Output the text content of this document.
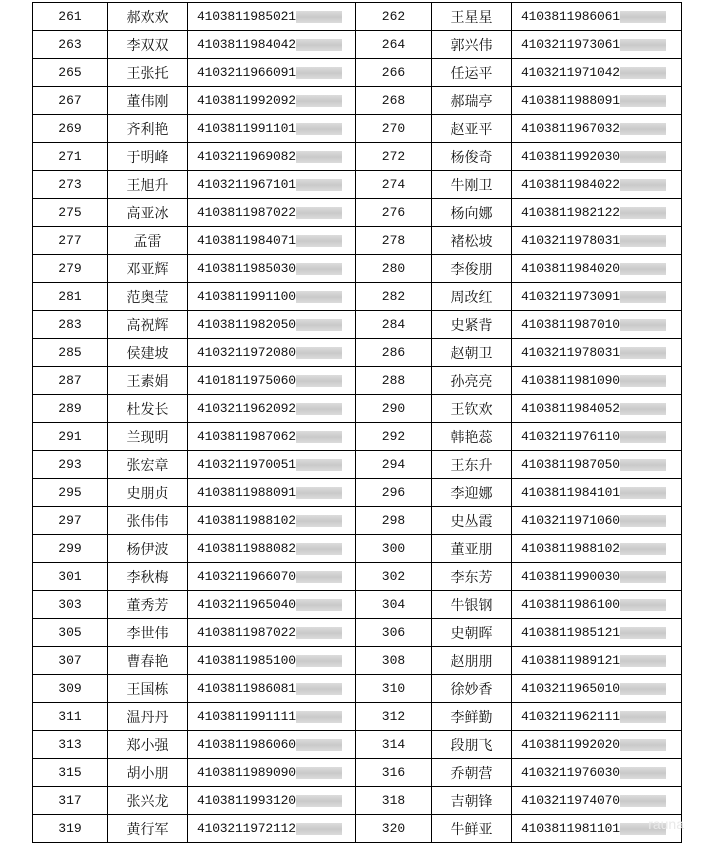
261	郝欢欢	4103811985021	262	王星星	4103811986061
263	李双双	4103811984042	264	郭兴伟	4103211973061
265	王张托	4103211966091	266	任运平	4103211971042
267	董伟刚	4103811992092	268	郝瑞亭	4103811988091
269	齐利艳	4103811991101	270	赵亚平	4103811967032
271	于明峰	4103211969082	272	杨俊奇	4103811992030
273	王旭升	4103211967101	274	牛刚卫	4103811984022
275	高亚冰	4103811987022	276	杨向娜	4103811982122
277	孟雷	4103811984071	278	褚松坡	4103211978031
279	邓亚辉	4103811985030	280	李俊朋	4103811984020
281	范奥莹	4103811991100	282	周改红	4103211973091
283	高祝辉	4103811982050	284	史紧背	4103811987010
285	侯建坡	4103211972080	286	赵朝卫	4103211978031
287	王素娟	4101811975060	288	孙亮亮	4103811981090
289	杜发长	4103211962092	290	王钦欢	4103811984052
291	兰现明	4103811987062	292	韩艳蕊	4103211976110
293	张宏章	4103211970051	294	王东升	4103811987050
295	史朋贞	4103811988091	296	李迎娜	4103811984101
297	张伟伟	4103811988102	298	史丛霞	4103211971060
299	杨伊波	4103811988082	300	董亚朋	4103811988102
301	李秋梅	4103211966070	302	李东芳	4103811990030
303	董秀芳	4103211965040	304	牛银钢	4103811986100
305	李世伟	4103811987022	306	史朝晖	4103811985121
307	曹春艳	4103811985100	308	赵朋朋	4103811989121
309	王国栋	4103811986081	310	徐妙香	4103211965010
311	温丹丹	4103811991111	312	李鲜勤	4103211962111
313	郑小强	4103811986060	314	段朋飞	4103811992020
315	胡小朋	4103811989090	316	乔朝营	4103211976030
317	张兴龙	4103811993120	318	吉朝锋	4103211974070
319	黄行军	4103211972112	320	牛鲜亚	4103811981101 rauna
